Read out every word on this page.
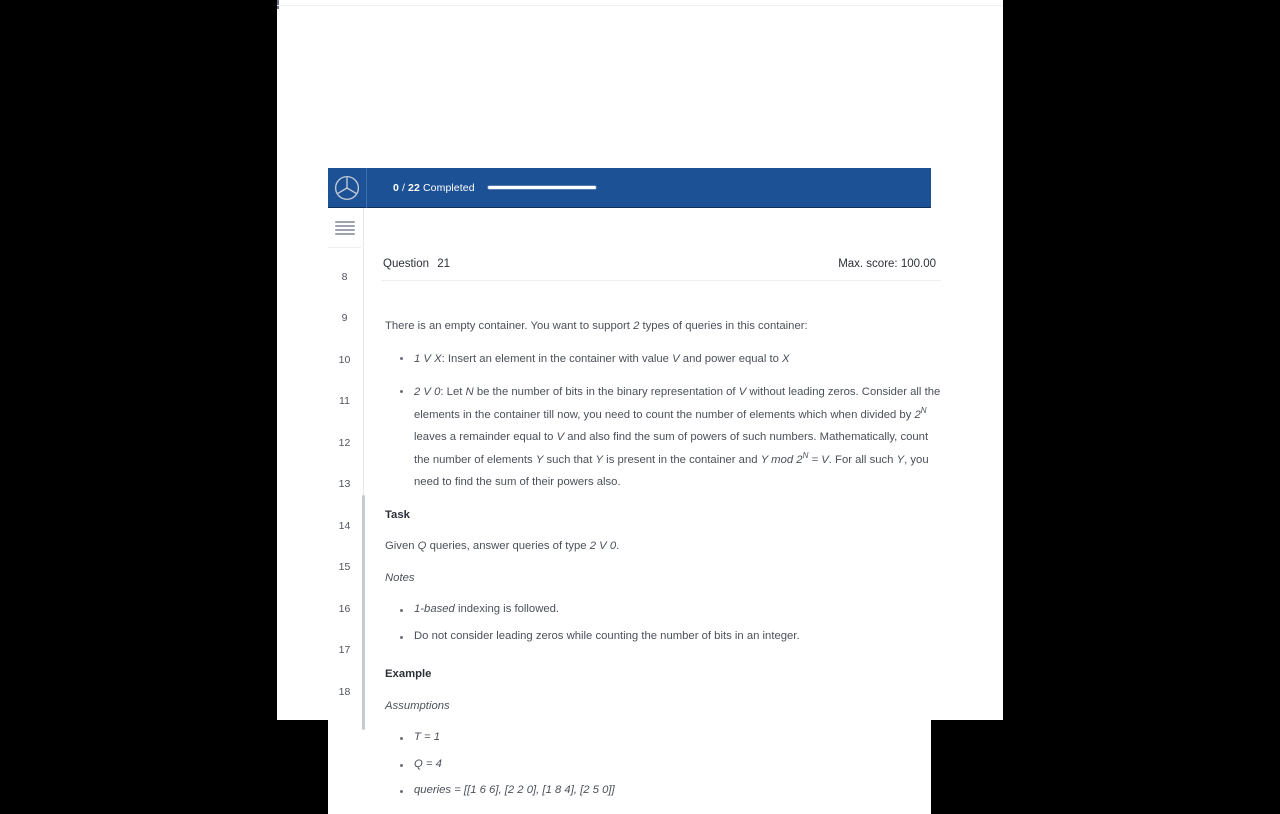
0 / 22 Completed
8
9
10
11
12
13
14
15
16
17
18
Question 21	Max. score: 100.00

There is an empty container. You want to support 2 types of queries in this container:

1 V X: Insert an element in the container with value V and power equal to X
2 V 0: Let N be the number of bits in the binary representation of V without leading zeros. Consider all the elements in the container till now, you need to count the number of elements which when divided by $2^N$ leaves a remainder equal to V and also find the sum of powers of such numbers. Mathematically, count the number of elements Y such that Y is present in the container and Y mod $2^N = V$. For all such Y, you need to find the sum of their powers also.
Task

Given Q queries, answer queries of type 2 V 0.

Notes
1-based indexing is followed.
Do not consider leading zeros while counting the number of bits in an integer.
Example
Assumptions
T = 1
Q = 4
queries = [[1 6 6], [2 2 0], [1 8 4], [2 5 0]]
